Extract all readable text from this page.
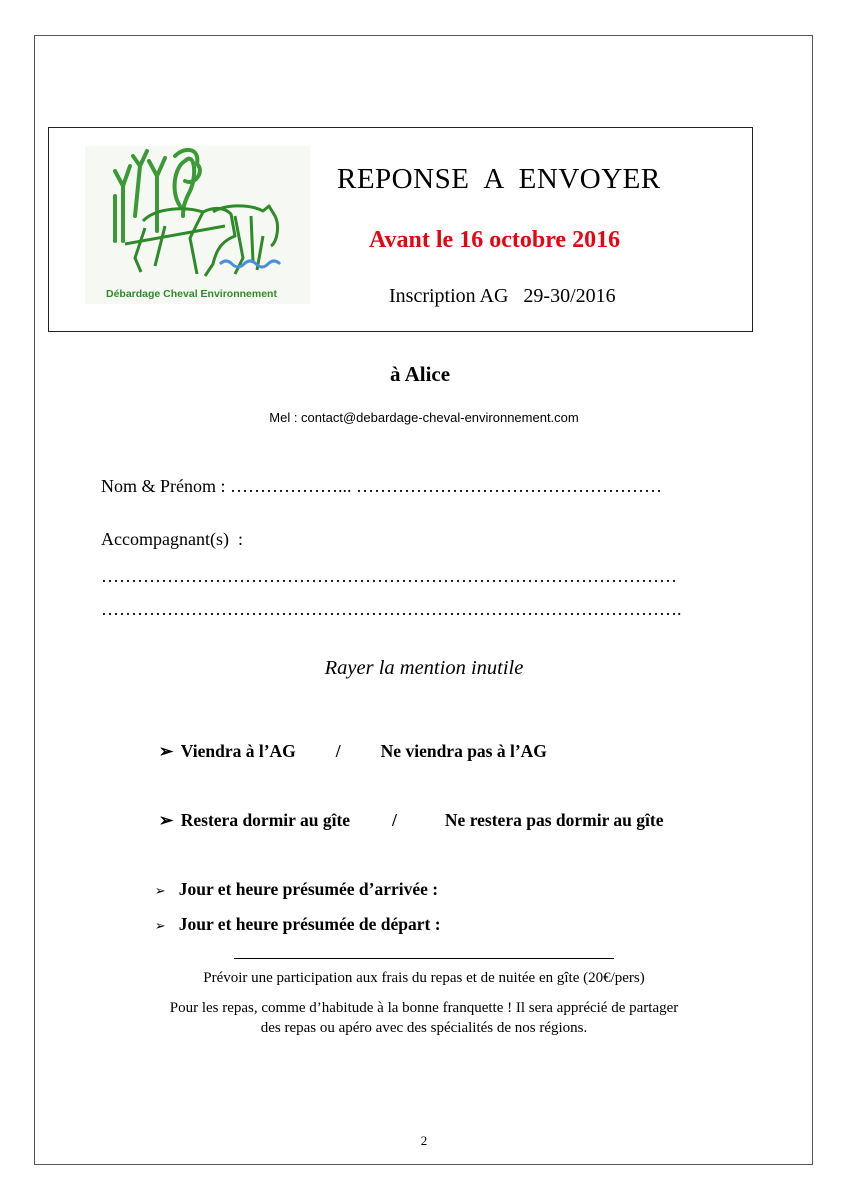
Débardage Cheval Environnement
REPONSE  A  ENVOYER
Avant le 16 octobre 2016
Inscription AG   29-30/2016
à Alice
Mel : contact@debardage-cheval-environnement.com
Nom & Prénom : ………………... ……………………………………………
Accompagnant(s)  :
……………………………………………………………………………………
…………………………………………………………………………………….
Rayer la mention inutile

➢ Viendra à l’AG / Ne viendra pas à l’AG

➢ Restera dormir au gîte /	Ne restera pas dormir au gîte

➢ Jour et heure présumée d’arrivée :

➢ Jour et heure présumée de départ :

Prévoir une participation aux frais du repas et de nuitée en gîte (20€/pers)
Pour les repas, comme d’habitude à la bonne franquette ! Il sera apprécié de partager
des repas ou apéro avec des spécialités de nos régions.
2
